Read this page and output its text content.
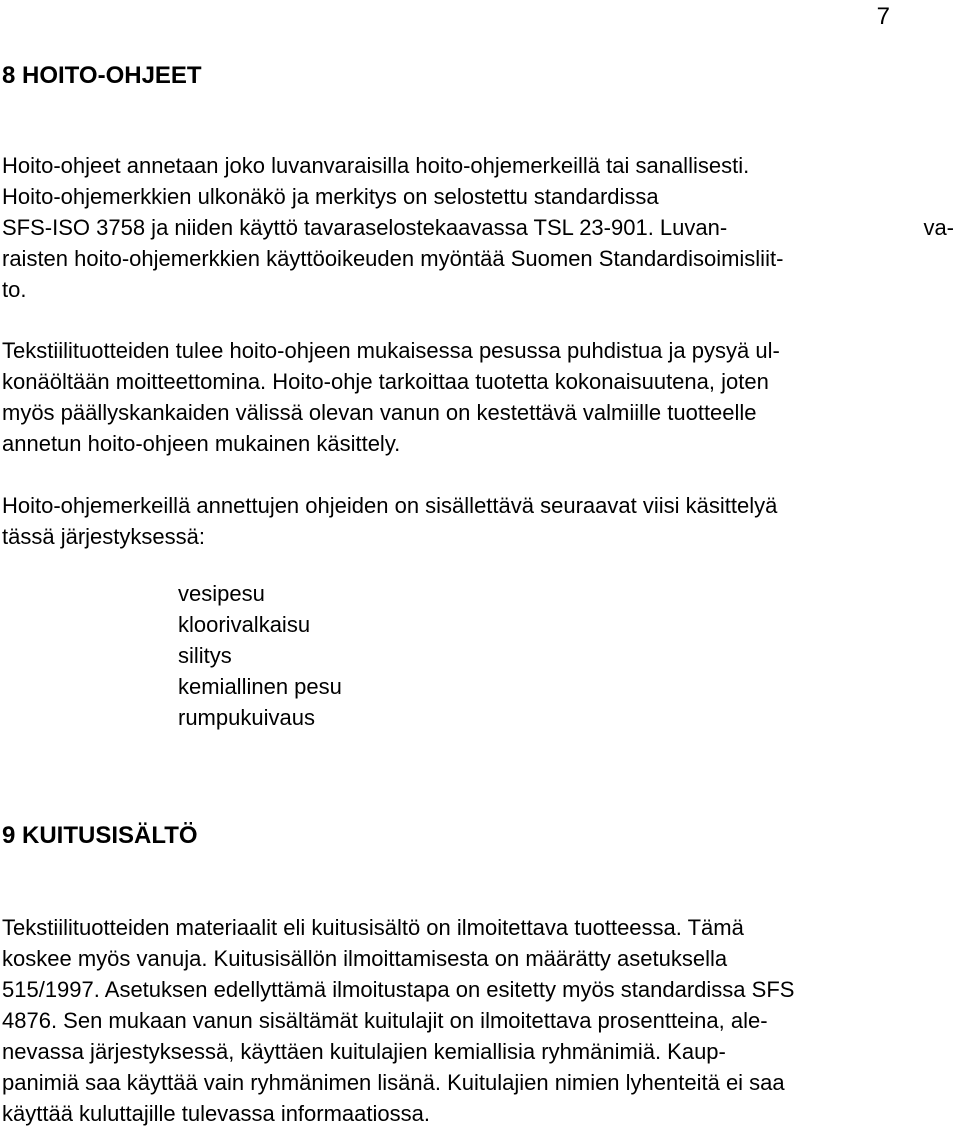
7
8 HOITO-OHJEET
Hoito-ohjeet annetaan joko luvanvaraisilla hoito-ohjemerkeillä tai sanallisesti.
Hoito-ohjemerkkien ulkonäkö ja merkitys on selostettu standardissa
SFS-ISO 3758 ja niiden käyttö tavaraselostekaavassa TSL 23-901. Luvan-	va-
raisten hoito-ohjemerkkien käyttöoikeuden myöntää Suomen Standardisoimisliit-
to.
Tekstiilituotteiden tulee hoito-ohjeen mukaisessa pesussa puhdistua ja pysyä ul-
konäöltään moitteettomina. Hoito-ohje tarkoittaa tuotetta kokonaisuutena, joten
myös päällyskankaiden välissä olevan vanun on kestettävä valmiille tuotteelle
annetun hoito-ohjeen mukainen käsittely.
Hoito-ohjemerkeillä annettujen ohjeiden on sisällettävä seuraavat viisi käsittelyä
tässä järjestyksessä:
vesipesu
kloorivalkaisu
silitys
kemiallinen pesu
rumpukuivaus
9 KUITUSISÄLTÖ
Tekstiilituotteiden materiaalit eli kuitusisältö on ilmoitettava tuotteessa. Tämä
koskee myös vanuja. Kuitusisällön ilmoittamisesta on määrätty asetuksella
515/1997. Asetuksen edellyttämä ilmoitustapa on esitetty myös standardissa SFS
4876. Sen mukaan vanun sisältämät kuitulajit on ilmoitettava prosentteina, ale-
nevassa järjestyksessä, käyttäen kuitulajien kemiallisia ryhmänimiä. Kaup-
panimiä saa käyttää vain ryhmänimen lisänä. Kuitulajien nimien lyhenteitä ei saa
käyttää kuluttajille tulevassa informaatiossa.
